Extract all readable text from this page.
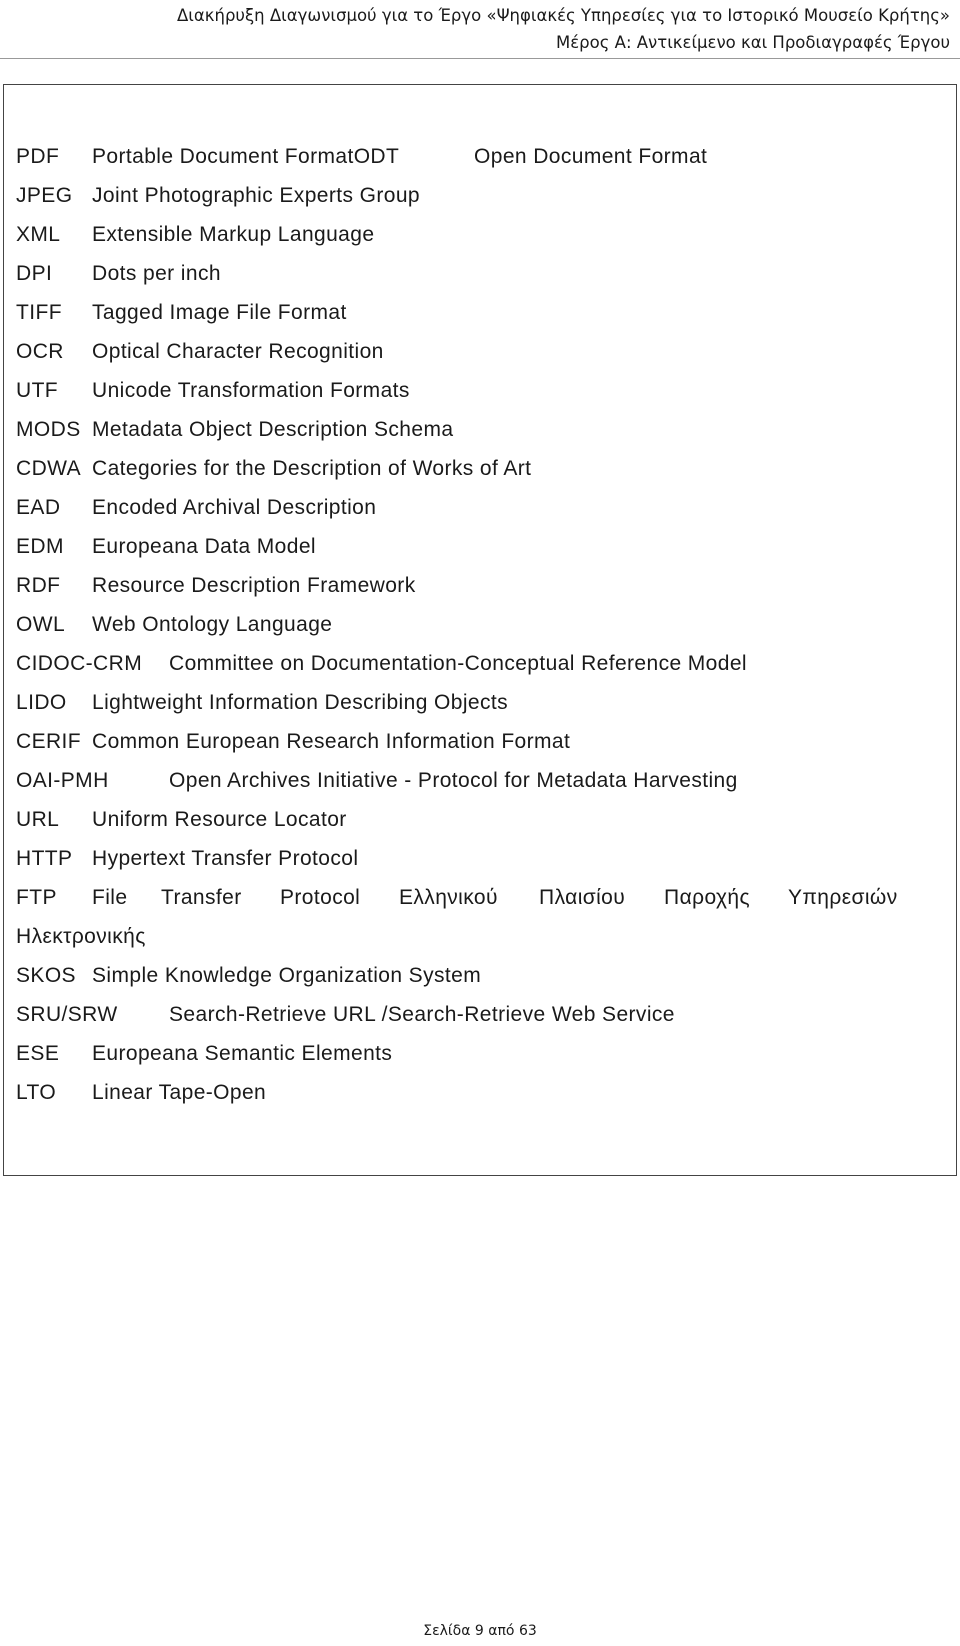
Διακήρυξη Διαγωνισμού για το Έργο «Ψηφιακές Υπηρεσίες για το Ιστορικό Μουσείο Κρήτης»
Μέρος Α: Αντικείμενο και Προδιαγραφές Έργου
PDF Portable Document FormatODT	Open Document Format
JPEG Joint Photographic Experts Group
XML Extensible Markup Language
DPI Dots per inch
TIFF Tagged Image File Format
OCR Optical Character Recognition
UTF Unicode Transformation Formats
MODS Metadata Object Description Schema
CDWA Categories for the Description of Works of Art
EAD Encoded Archival Description
EDM Europeana Data Model
RDF Resource Description Framework
OWL Web Ontology Language
CIDOC-CRM Committee on Documentation-Conceptual Reference Model
LIDO Lightweight Information Describing Objects
CERIF Common European Research Information Format
OAI-PMH	Open Archives Initiative - Protocol for Metadata Harvesting
URL Uniform Resource Locator
HTTP Hypertext Transfer Protocol
FTP File Transfer Protocol Ελληνικού Πλαισίου Παροχής Υπηρεσιών
Ηλεκτρονικής
SKOS Simple Knowledge Organization System
SRU/SRW Search-Retrieve URL /Search-Retrieve Web Service
ESE Europeana Semantic Elements
LTO Linear Tape-Open
Σελίδα 9 από 63
